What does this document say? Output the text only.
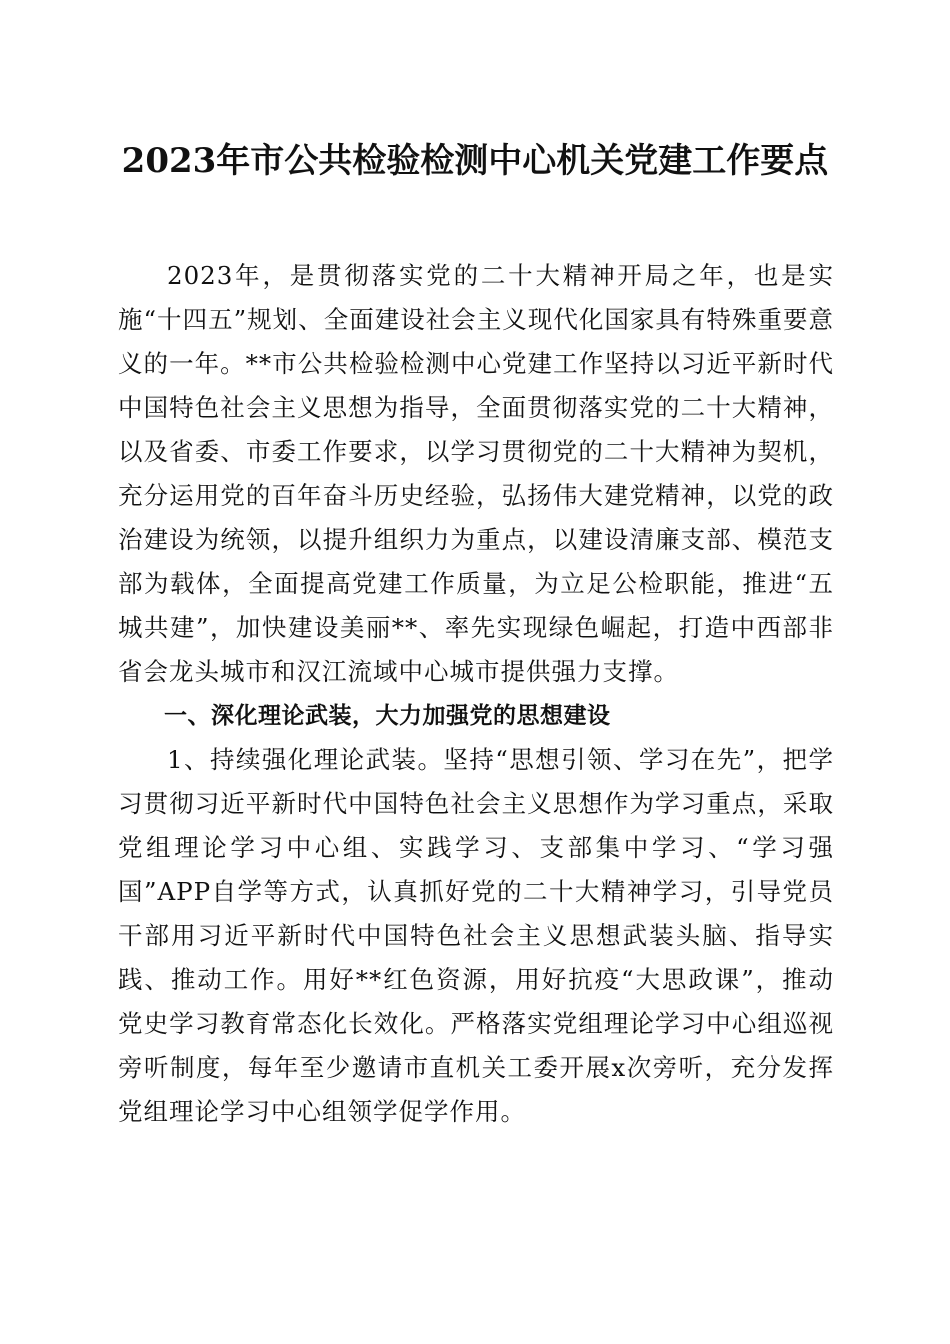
2023年市公共检验检测中心机关党建工作要点

2023年，是贯彻落实党的二十大精神开局之年，也是实施“十四五”规划、全面建设社会主义现代化国家具有特殊重要意义的一年。**市公共检验检测中心党建工作坚持以习近平新时代中国特色社会主义思想为指导，全面贯彻落实党的二十大精神，以及省委、市委工作要求，以学习贯彻党的二十大精神为契机，充分运用党的百年奋斗历史经验，弘扬伟大建党精神，以党的政治建设为统领，以提升组织力为重点，以建设清廉支部、模范支部为载体，全面提高党建工作质量，为立足公检职能，推进“五城共建”，加快建设美丽**、率先实现绿色崛起，打造中西部非省会龙头城市和汉江流域中心城市提供强力支撑。

一、深化理论武装，大力加强党的思想建设

1、持续强化理论武装。坚持“思想引领、学习在先”，把学习贯彻习近平新时代中国特色社会主义思想作为学习重点，采取党组理论学习中心组、实践学习、支部集中学习、“学习强国”APP自学等方式，认真抓好党的二十大精神学习，引导党员干部用习近平新时代中国特色社会主义思想武装头脑、指导实践、推动工作。用好**红色资源，用好抗疫“大思政课”，推动党史学习教育常态化长效化。严格落实党组理论学习中心组巡视旁听制度，每年至少邀请市直机关工委开展x次旁听，充分发挥党组理论学习中心组领学促学作用。
